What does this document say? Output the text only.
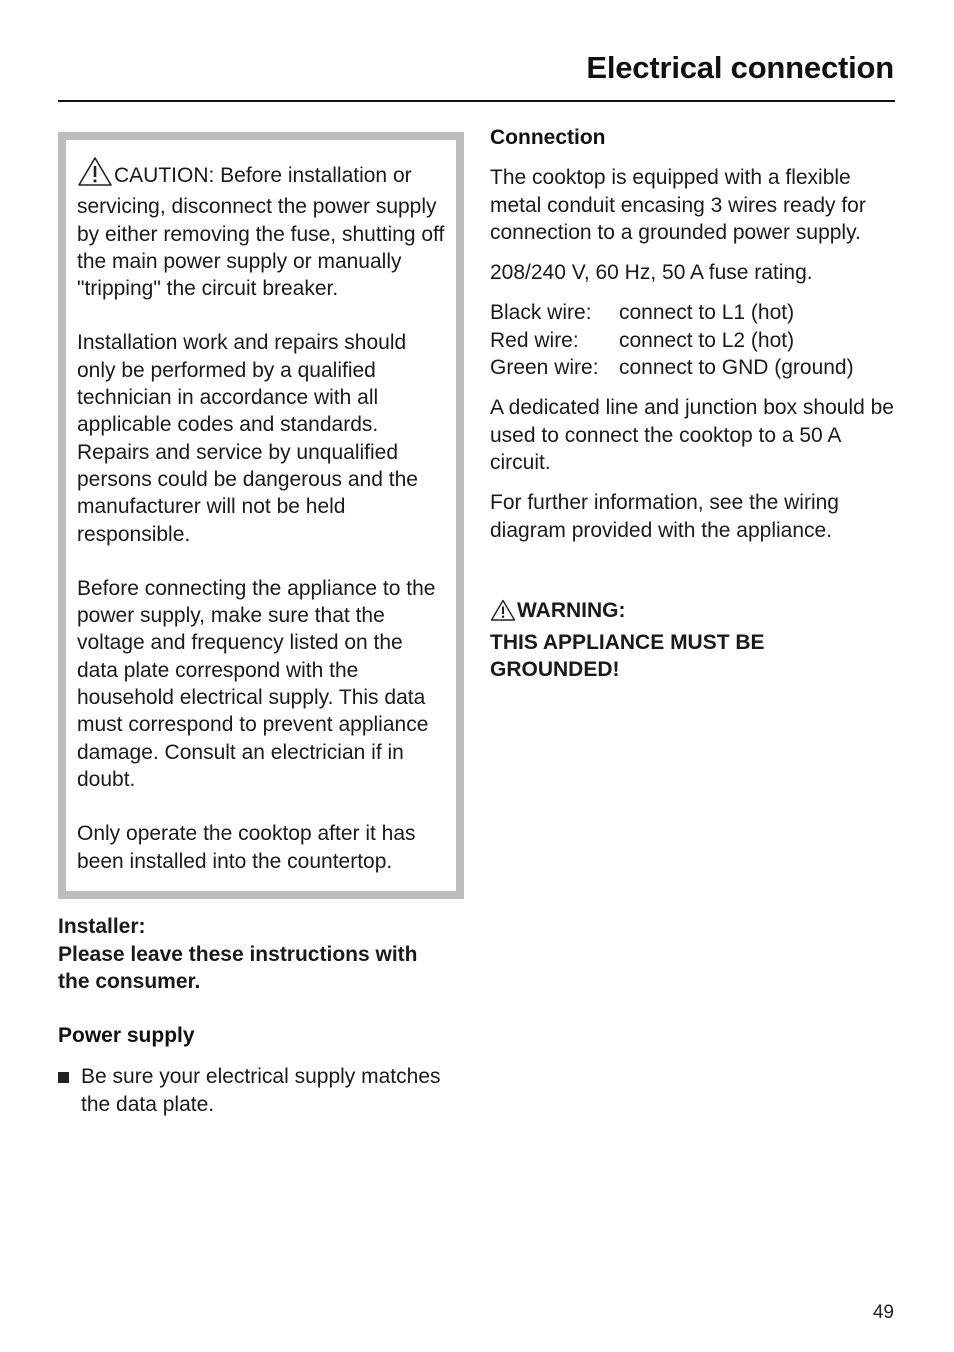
Electrical connection

CAUTION: Before installation or servicing, disconnect the power supply by either removing the fuse, shutting off the main power supply or manually "tripping" the circuit breaker.

Installation work and repairs should only be performed by a qualified technician in accordance with all applicable codes and standards. Repairs and service by unqualified persons could be dangerous and the manufacturer will not be held responsible.

Before connecting the appliance to the power supply, make sure that the voltage and frequency listed on the data plate correspond with the household electrical supply. This data must correspond to prevent appliance damage. Consult an electrician if in doubt.

Only operate the cooktop after it has been installed into the countertop.

Installer:

Please leave these instructions with

the consumer.

Power supply
Be sure your electrical supply matches the data plate.
Connection

The cooktop is equipped with a flexible metal conduit encasing 3 wires ready for connection to a grounded power supply.

208/240 V, 60 Hz, 50 A fuse rating.

Black wire:	connect to L1 (hot)
Red wire:	connect to L2 (hot)
Green wire: connect to GND (ground)

A dedicated line and junction box should be used to connect the cooktop to a 50 A circuit.

For further information, see the wiring diagram provided with the appliance.

WARNING:

THIS APPLIANCE MUST BE

GROUNDED!

49
